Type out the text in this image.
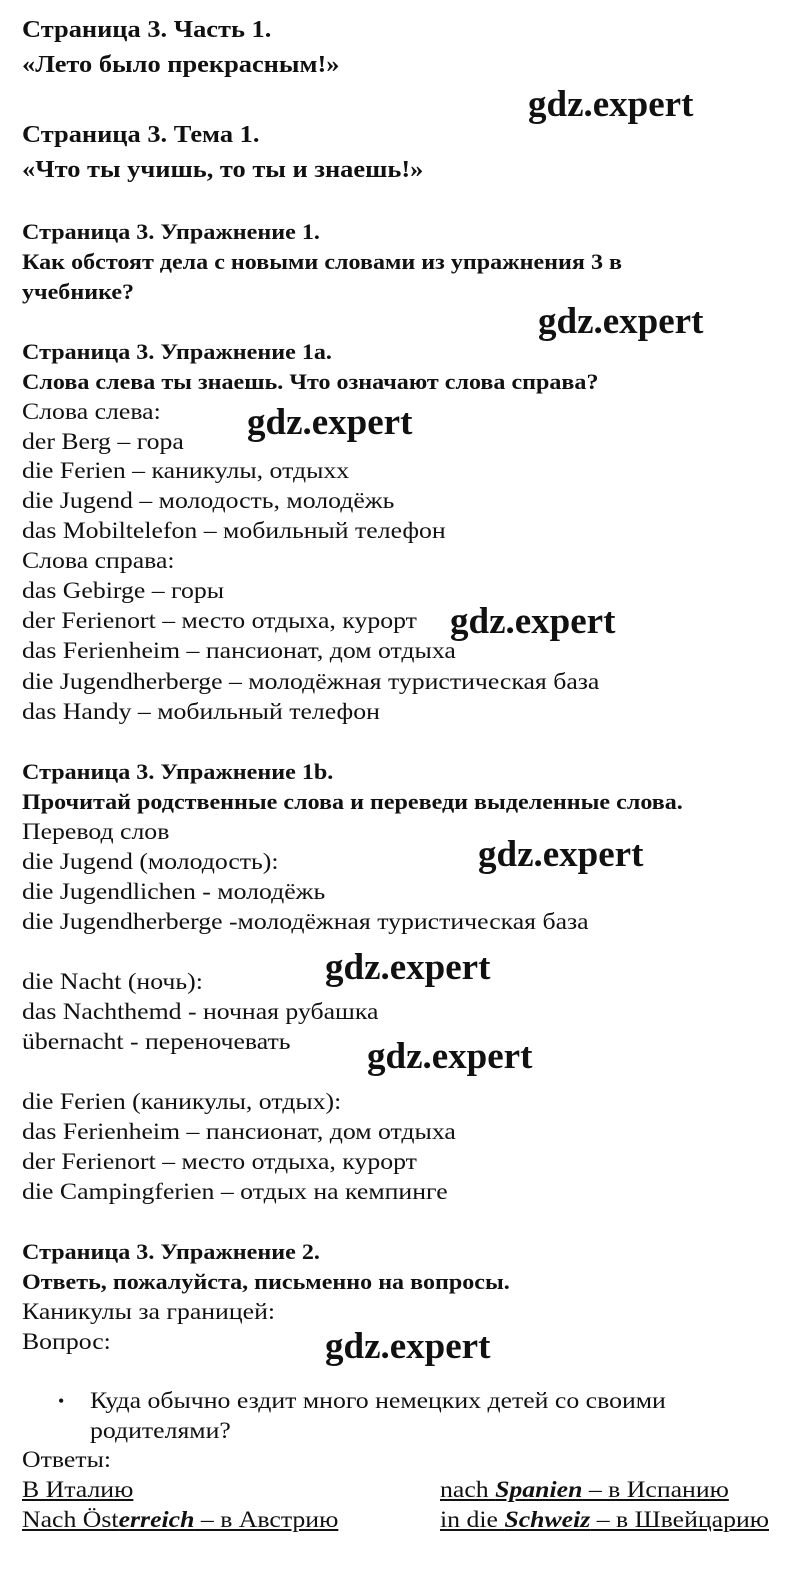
Страница 3. Часть 1.
«Лето было прекрасным!»
Страница 3. Тема 1.
«Что ты учишь, то ты и знаешь!»
Страница 3. Упражнение 1.
Как обстоят дела с новыми словами из упражнения 3 в
учебнике?
Страница 3. Упражнение 1a.
Слова слева ты знаешь. Что означают слова справа?
Слова слева:
der Berg – гора
die Ferien – каникулы, отдыхх
die Jugend – молодость, молодёжь
das Mobiltelefon – мобильный телефон
Слова справа:
das Gebirge – горы
der Ferienort – место отдыха, курорт
das Ferienheim – пансионат, дом отдыха
die Jugendherberge – молодёжная туристическая база
das Handy – мобильный телефон
Страница 3. Упражнение 1b.
Прочитай родственные слова и переведи выделенные слова.
Перевод слов
die Jugend (молодость):
die Jugendlichen - молодёжь
die Jugendherberge -молодёжная туристическая база
die Nacht (ночь):
das Nachthemd - ночная рубашка
übernacht - переночевать
die Ferien (каникулы, отдых):
das Ferienheim – пансионат, дом отдыха
der Ferienort – место отдыха, курорт
die Campingferien – отдых на кемпинге
Страница 3. Упражнение 2.
Ответь, пожалуйста, письменно на вопросы.
Каникулы за границей:
Вопрос:
gdz.expert
gdz.expert
gdz.expert
gdz.expert
gdz.expert
gdz.expert
gdz.expert
gdz.expert
• Куда обычно ездит много немецких детей со своими
родителями?
Ответы:
В Италию	nach Spanien – в Испанию
Nach Österreich – в Австрию	in die Schweiz – в Швейцарию
